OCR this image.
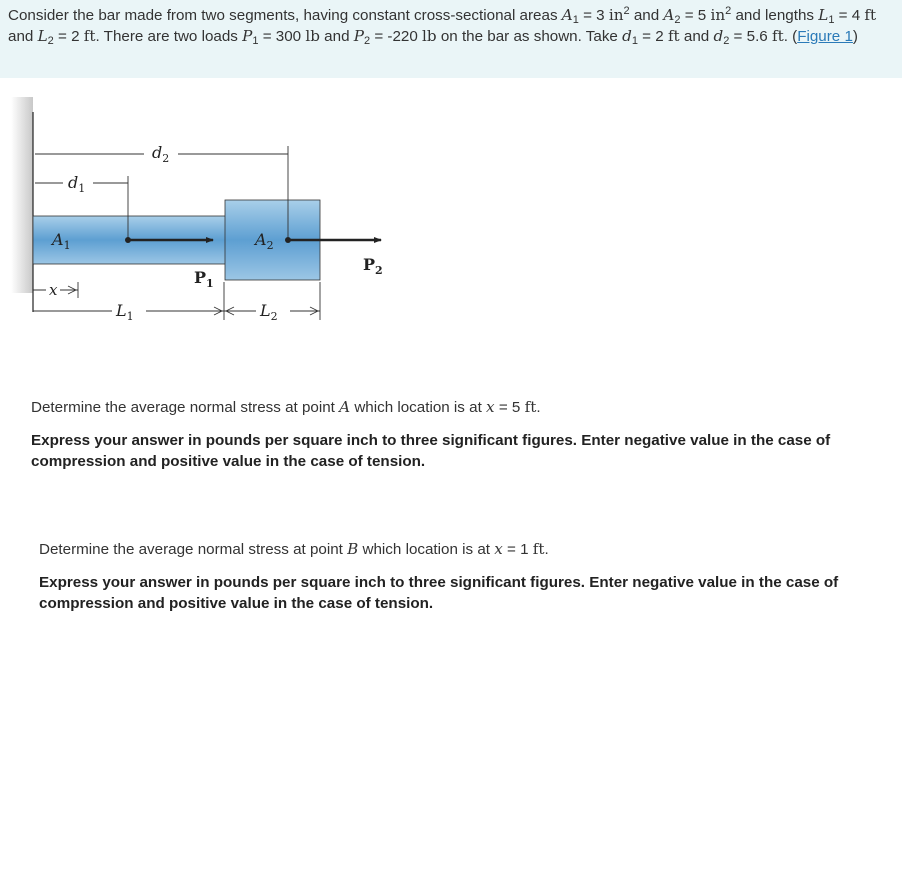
Consider the bar made from two segments, having constant cross-sectional areas $A_1 = 3$ $in^2$ and $A_2 = 5$ $in^2$ and lengths $L_1 = 4$ ft and $L_2 = 2$ ft. There are two loads $P_1 = 300$ lb and $P_2 = -220$ lb on the bar as shown. Take $d_1 = 2$ ft and $d_2 = 5.6$ ft. (Figure 1)
$d_2$
$d_1$
$A_1$
$P_1$
$A_2$
$P_2$
x
$L_1$	$L_2$
Determine the average normal stress at point A which location is at x = 5 ft.
Express your answer in pounds per square inch to three significant figures. Enter negative value in the case of compression and positive value in the case of tension.
Determine the average normal stress at point B which location is at x = 1 ft.
Express your answer in pounds per square inch to three significant figures. Enter negative value in the case of compression and positive value in the case of tension.
